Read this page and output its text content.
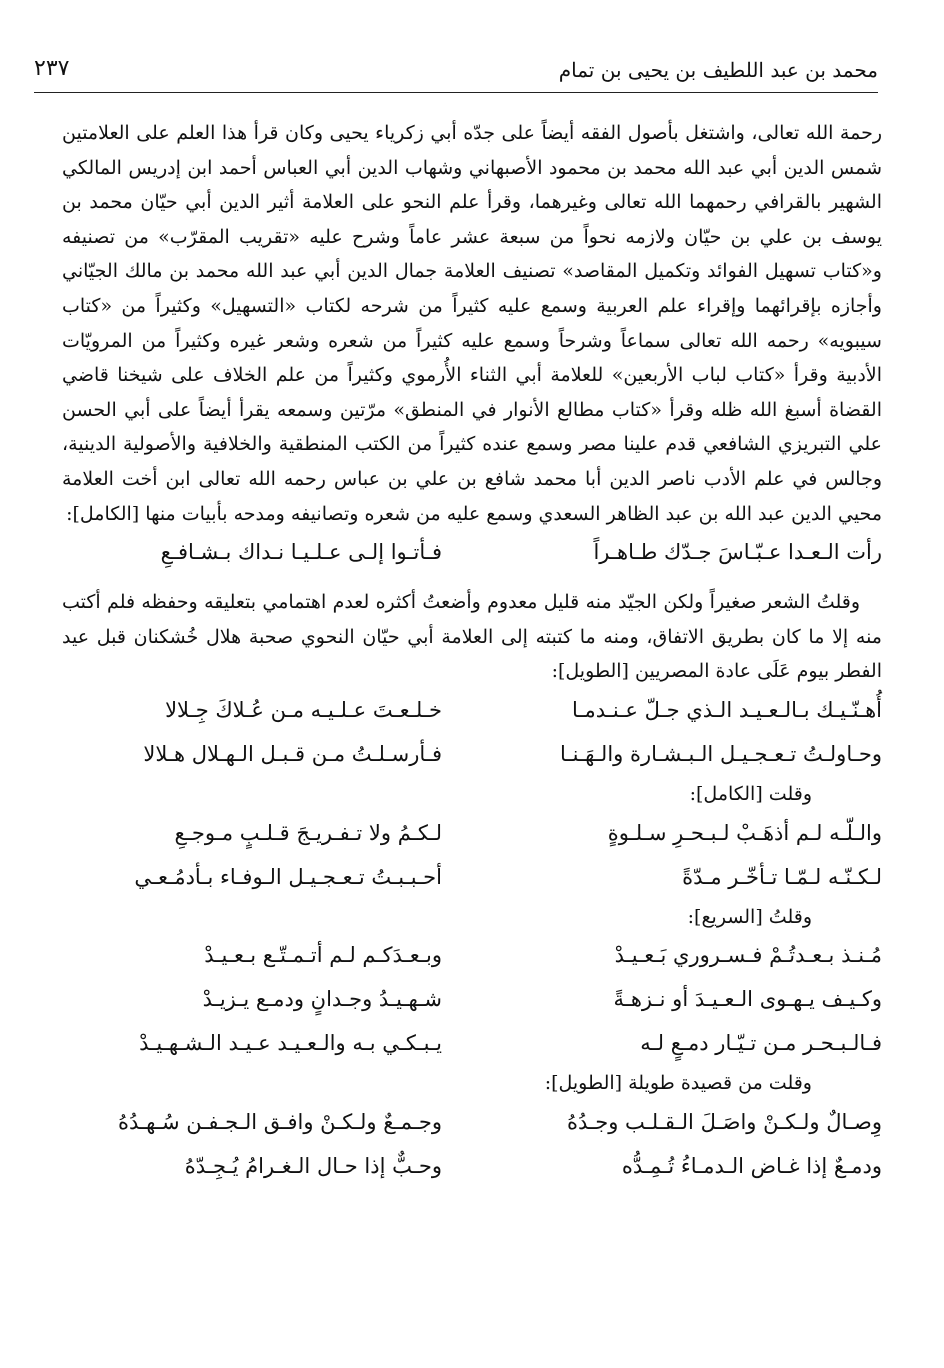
محمد بن عبد اللطيف بن يحيى بن تمام
٢٣٧

رحمة الله تعالى، واشتغل بأصول الفقه أيضاً على جدّه أبي زكرياء يحيى وكان قرأ هذا العلم على العلامتين شمس الدين أبي عبد الله محمد بن محمود الأصبهاني وشهاب الدين أبي العباس أحمد ابن إدريس المالكي الشهير بالقرافي رحمهما الله تعالى وغيرهما، وقرأ علم النحو على العلامة أثير الدين أبي حيّان محمد بن يوسف بن علي بن حيّان ولازمه نحواً من سبعة عشر عاماً وشرح عليه «تقريب المقرّب» من تصنيفه و«كتاب تسهيل الفوائد وتكميل المقاصد» تصنيف العلامة جمال الدين أبي عبد الله محمد بن مالك الجيّاني وأجازه بإقرائهما وإقراء علم العربية وسمع عليه كثيراً من شرحه لكتاب «التسهيل» وكثيراً من «كتاب سيبويه» رحمه الله تعالى سماعاً وشرحاً وسمع عليه كثيراً من شعره وشعر غيره وكثيراً من المرويّات الأدبية وقرأ «كتاب لباب الأربعين» للعلامة أبي الثناء الأُرموي وكثيراً من علم الخلاف على شيخنا قاضي القضاة أسبغ الله ظله وقرأ «كتاب مطالع الأنوار في المنطق» مرّتين وسمعه يقرأ أيضاً على أبي الحسن علي التبريزي الشافعي قدم علينا مصر وسمع عنده كثيراً من الكتب المنطقية والخلافية والأصولية الدينية، وجالس في علم الأدب ناصر الدين أبا محمد شافع بن علي بن عباس رحمه الله تعالى ابن أخت العلامة محيي الدين عبد الله بن عبد الظاهر السعدي وسمع عليه من شعره وتصانيفه ومدحه بأبيات منها [الكامل]:

رأت الـعـدا عـبّـاسَ جـدّك طـاهـراً
فـأتـوا إلـى عـلـيـا نـداك بـشـافـعِ

وقلتُ الشعر صغيراً ولكن الجيّد منه قليل معدوم وأضعتُ أكثره لعدم اهتمامي بتعليقه وحفظه فلم أكتب منه إلا ما كان بطريق الاتفاق، ومنه ما كتبته إلى العلامة أبي حيّان النحوي صحبة هلال خُشكنان قبل عيد الفطر بيوم عَلَى عادة المصريين [الطويل]:

أُهـنّـيـك بـالـعـيـد الـذي جـلّ عـنـدمـا
خـلـعـتَ عـلـيـه مـن عُـلاكَ جِـلالا
وحـاولـتُ تـعـجـيـل الـبـشـارة والـهَـنـا
فـأرسـلـتُ مـن قـبـل الـهـلال هـلالا

وقلت [الكامل]:

والـلّـه لـم أذهَـبْ لـبـحـرِ سـلـوةٍ
لـكـمُ ولا تـفـريـجَ قـلـبٍ مـوجـعِ
لـكـنّـه لـمّـا تـأخّـر مـدّةً
أحـبـبـتُ تـعـجـيـل الـوفـاء بـأدمُـعـي

وقلتُ [السريع]:

مُـنـذ بـعـدتُـمْ فـسـروري بَـعـيـدْ
وبـعـدَكـم لـم أتـمـتّـع بـعـيـدْ
وكـيـف يـهـوى الـعـيـدَ أو نـزهـةً
شـهـيـدُ وجـدانٍ ودمـع يـزيـدْ
فـالـبـحـر مـن تـيّـار دمـعٍ لـه
يـبـكـي بـه والـعـيـد عـيـد الـشـهـيـدْ

وقلت من قصيدة طويلة [الطويل]:

وِصـالٌ ولـكـنْ واصَـلَ الـقـلـب وجـدُهُ
وجـمـعٌ ولـكـنْ وافـق الـجـفـن سُـهـدُهُ
ودمـعٌ إذا غـاض الـدمـاءُ تُـمِـدُّه
وحـبٌّ إذا حـال الـغـرامُ يُـجِـدّهُ
